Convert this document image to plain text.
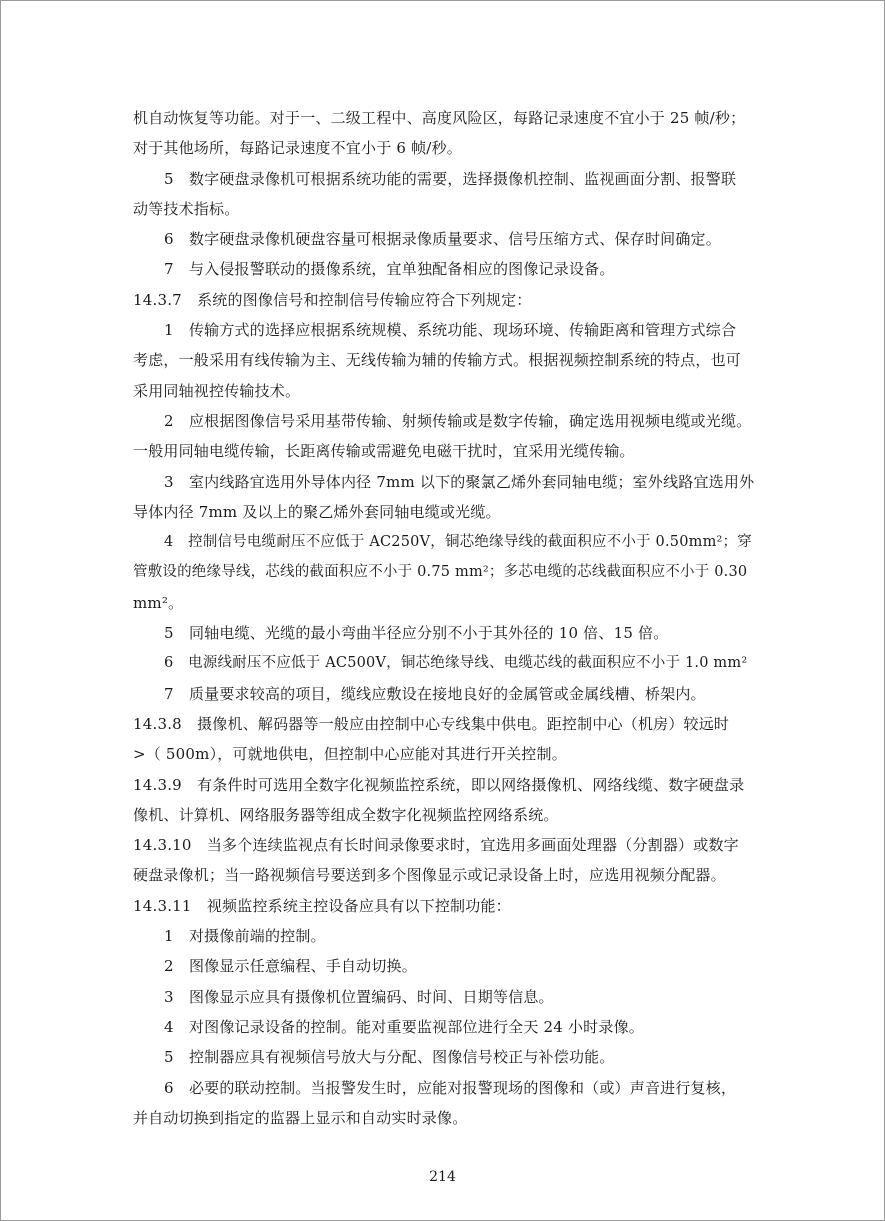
机自动恢复等功能。对于一、二级工程中、高度风险区，每路记录速度不宜小于 25 帧/秒；
对于其他场所，每路记录速度不宜小于 6 帧/秒。
5　数字硬盘录像机可根据系统功能的需要，选择摄像机控制、监视画面分割、报警联
动等技术指标。
6　数字硬盘录像机硬盘容量可根据录像质量要求、信号压缩方式、保存时间确定。
7　与入侵报警联动的摄像系统，宜单独配备相应的图像记录设备。
14.3.7　系统的图像信号和控制信号传输应符合下列规定：
1　传输方式的选择应根据系统规模、系统功能、现场环境、传输距离和管理方式综合
考虑，一般采用有线传输为主、无线传输为辅的传输方式。根据视频控制系统的特点，也可
采用同轴视控传输技术。
2　应根据图像信号采用基带传输、射频传输或是数字传输，确定选用视频电缆或光缆。
一般用同轴电缆传输，长距离传输或需避免电磁干扰时，宜采用光缆传输。
3　室内线路宜选用外导体内径 7mm 以下的聚氯乙烯外套同轴电缆；室外线路宜选用外
导体内径 7mm 及以上的聚乙烯外套同轴电缆或光缆。
4　控制信号电缆耐压不应低于 AC250V，铜芯绝缘导线的截面积应不小于 0.50mm²；穿
管敷设的绝缘导线，芯线的截面积应不小于 0.75 mm²；多芯电缆的芯线截面积应不小于 0.30
mm²。
5　同轴电缆、光缆的最小弯曲半径应分别不小于其外径的 10 倍、15 倍。
6　电源线耐压不应低于 AC500V，铜芯绝缘导线、电缆芯线的截面积应不小于 1.0 mm²
7　质量要求较高的项目，缆线应敷设在接地良好的金属管或金属线槽、桥架内。
14.3.8　摄像机、解码器等一般应由控制中心专线集中供电。距控制中心（机房）较远时
>（ 500m），可就地供电，但控制中心应能对其进行开关控制。
14.3.9　有条件时可选用全数字化视频监控系统，即以网络摄像机、网络线缆、数字硬盘录
像机、计算机、网络服务器等组成全数字化视频监控网络系统。
14.3.10　当多个连续监视点有长时间录像要求时，宜选用多画面处理器（分割器）或数字
硬盘录像机；当一路视频信号要送到多个图像显示或记录设备上时，应选用视频分配器。
14.3.11　视频监控系统主控设备应具有以下控制功能：
1　对摄像前端的控制。
2　图像显示任意编程、手自动切换。
3　图像显示应具有摄像机位置编码、时间、日期等信息。
4　对图像记录设备的控制。能对重要监视部位进行全天 24 小时录像。
5　控制器应具有视频信号放大与分配、图像信号校正与补偿功能。
6　必要的联动控制。当报警发生时，应能对报警现场的图像和（或）声音进行复核，
并自动切换到指定的监器上显示和自动实时录像。
214
